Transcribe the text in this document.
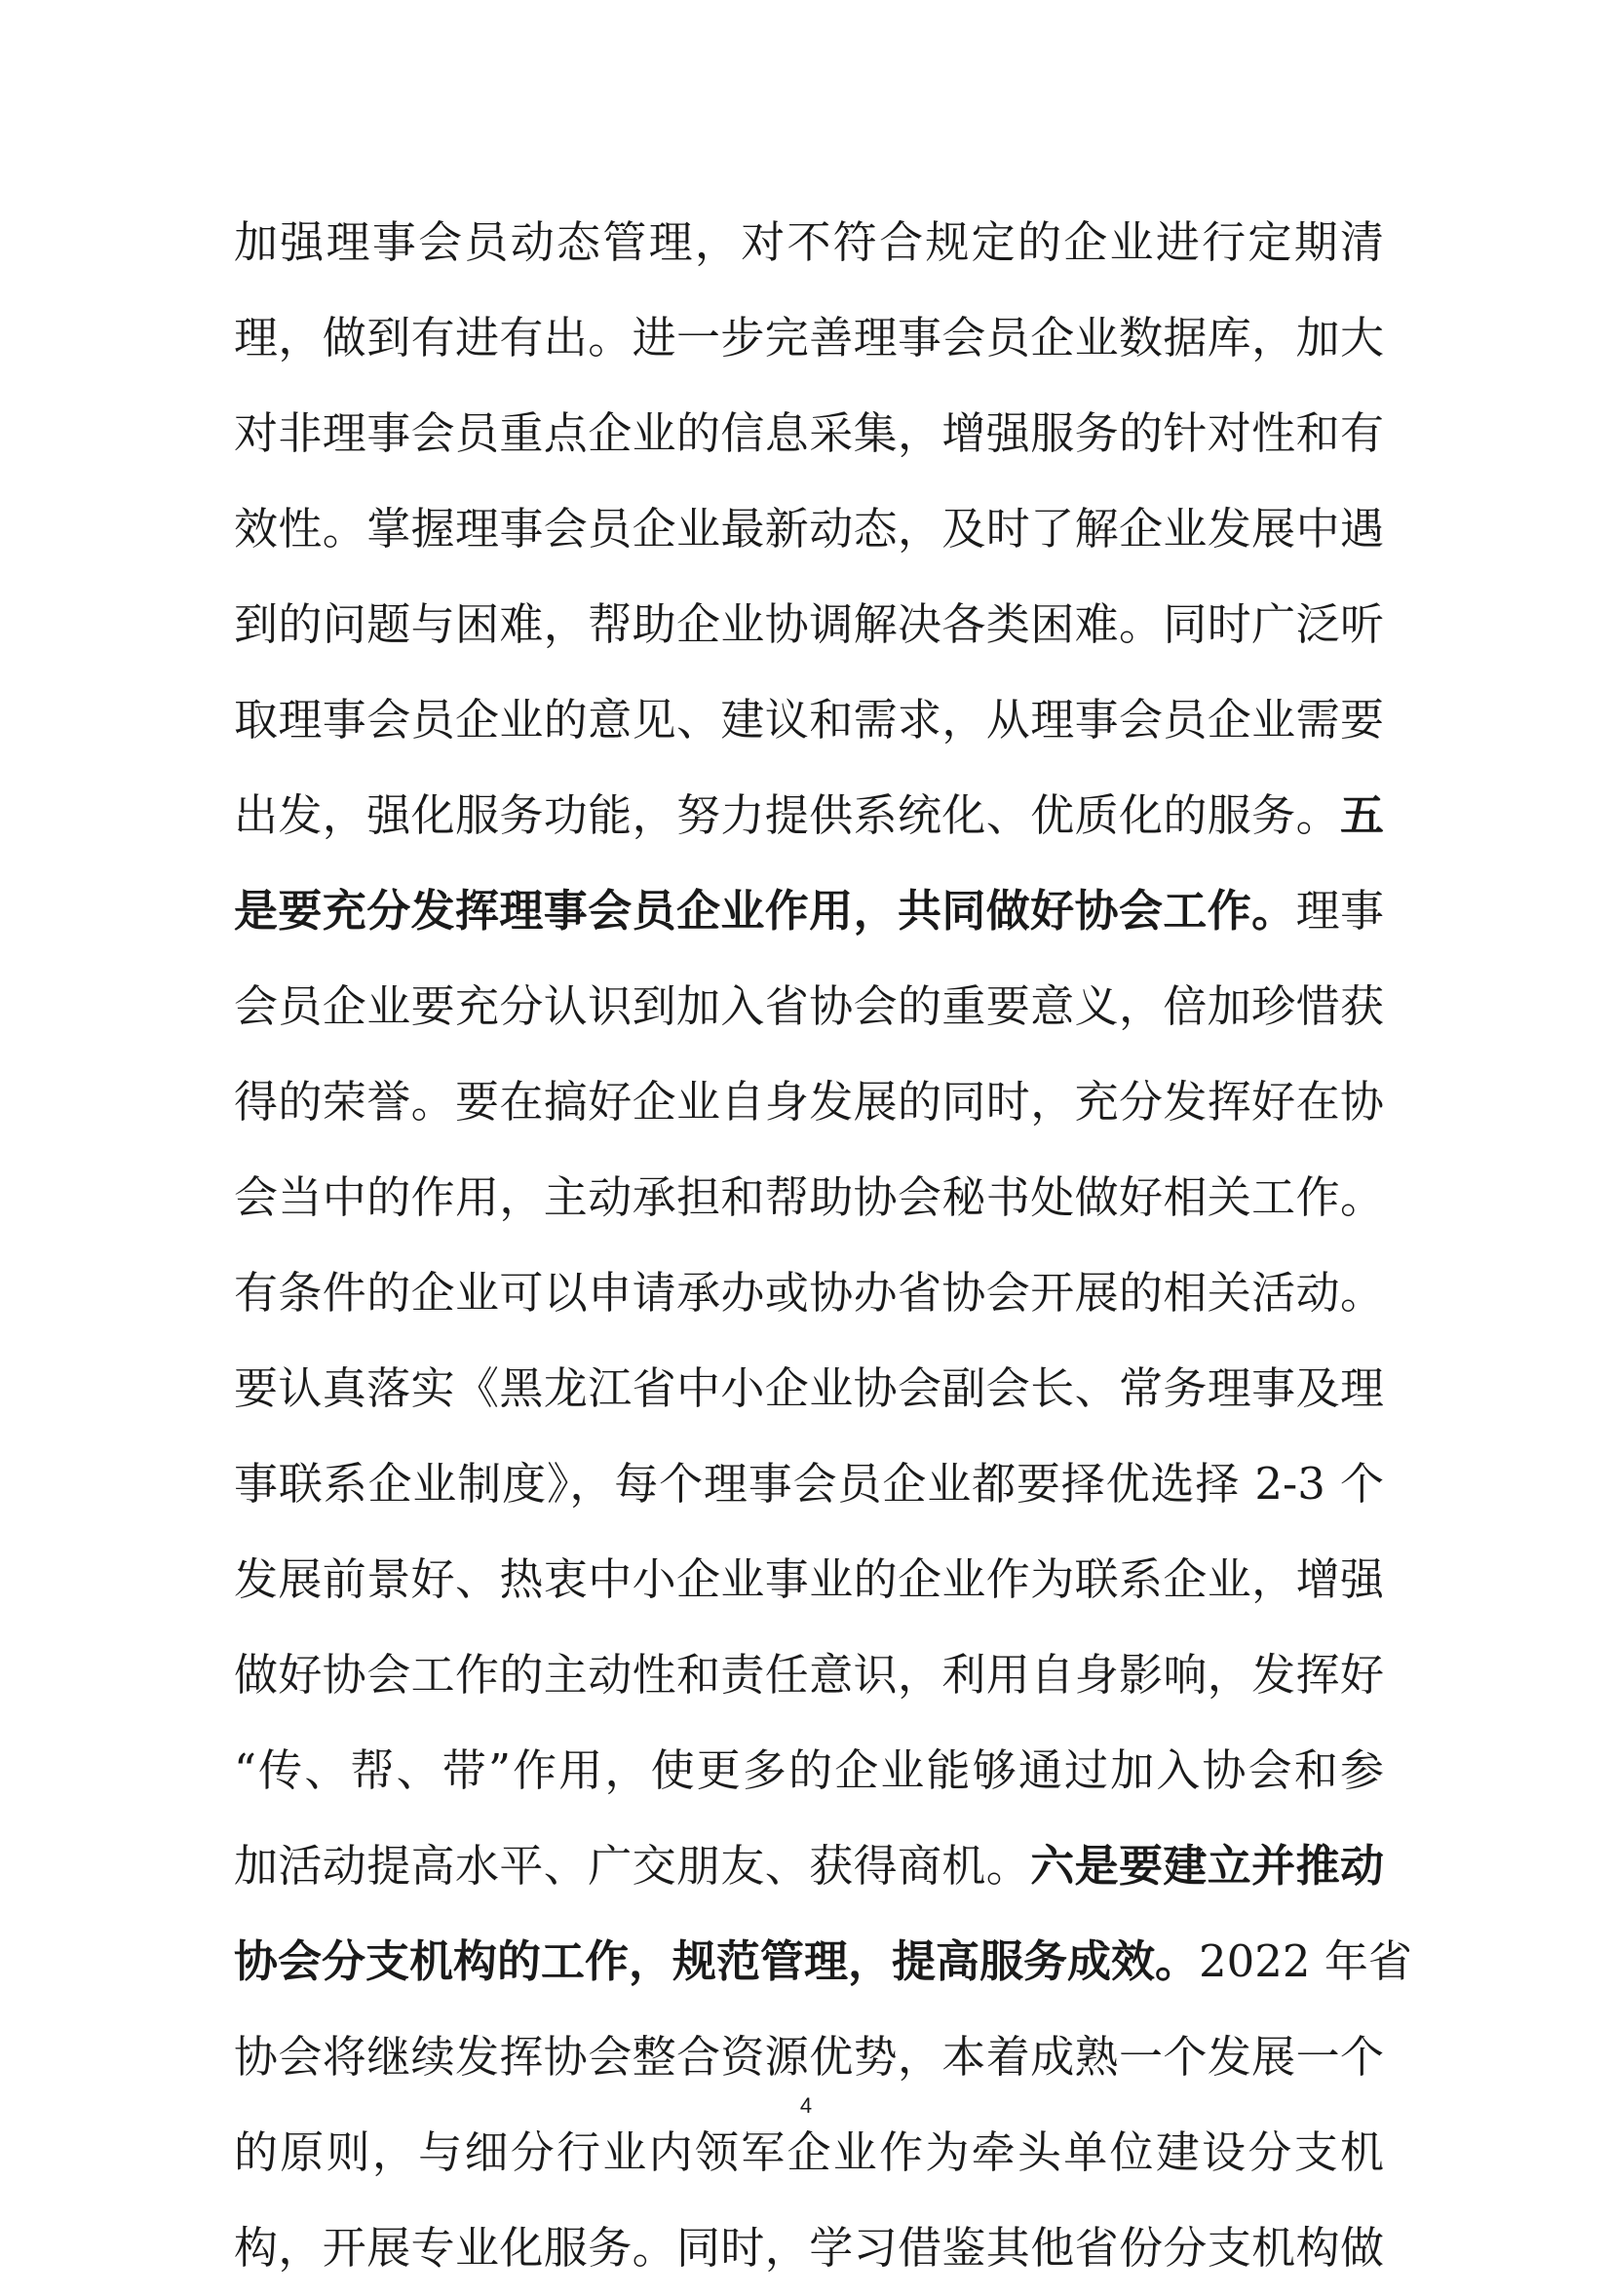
加强理事会员动态管理，对不符合规定的企业进行定期清
理，做到有进有出。进一步完善理事会员企业数据库，加大
对非理事会员重点企业的信息采集，增强服务的针对性和有
效性。掌握理事会员企业最新动态，及时了解企业发展中遇
到的问题与困难，帮助企业协调解决各类困难。同时广泛听
取理事会员企业的意见、建议和需求，从理事会员企业需要
出发，强化服务功能，努力提供系统化、优质化的服务。五
是要充分发挥理事会员企业作用，共同做好协会工作。理事
会员企业要充分认识到加入省协会的重要意义，倍加珍惜获
得的荣誉。要在搞好企业自身发展的同时，充分发挥好在协
会当中的作用，主动承担和帮助协会秘书处做好相关工作。
有条件的企业可以申请承办或协办省协会开展的相关活动。
要认真落实《黑龙江省中小企业协会副会长、常务理事及理
事联系企业制度》，每个理事会员企业都要择优选择 2-3 个
发展前景好、热衷中小企业事业的企业作为联系企业，增强
做好协会工作的主动性和责任意识，利用自身影响，发挥好
“传、帮、带”作用，使更多的企业能够通过加入协会和参
加活动提高水平、广交朋友、获得商机。六是要建立并推动
协会分支机构的工作，规范管理，提高服务成效。2022 年省
协会将继续发挥协会整合资源优势，本着成熟一个发展一个
的原则，与细分行业内领军企业作为牵头单位建设分支机
构，开展专业化服务。同时，学习借鉴其他省份分支机构做
4
